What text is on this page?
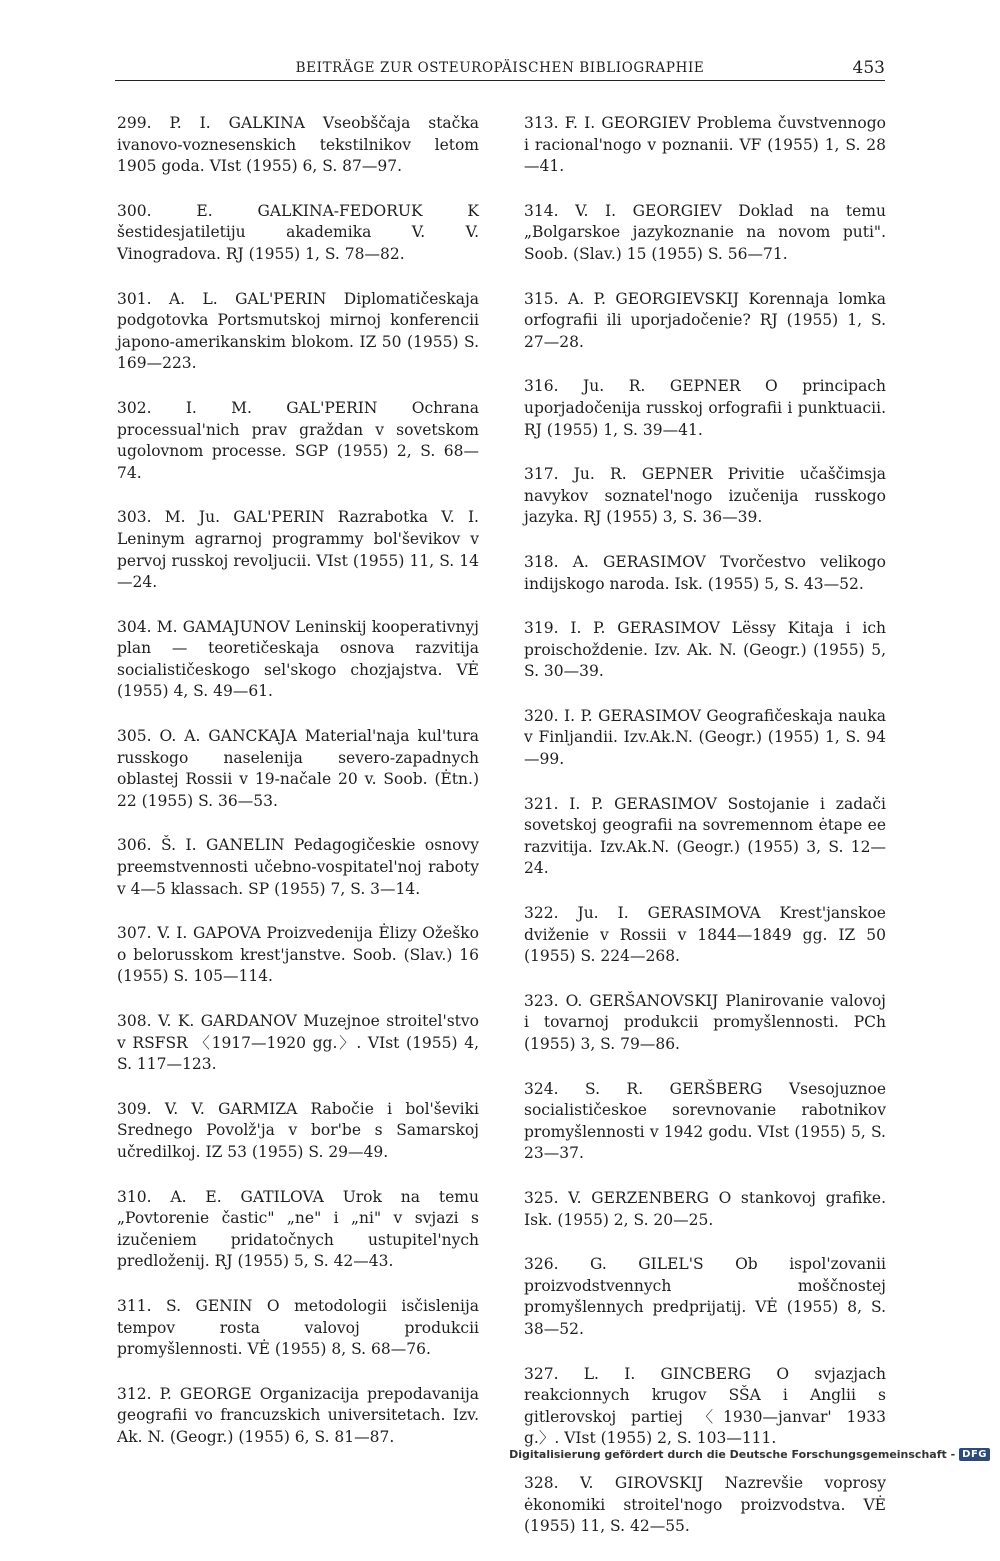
BEITRÄGE ZUR OSTEUROPÄISCHEN BIBLIOGRAPHIE	453

299. P. I. GALKINA Vseobščaja stačka ivanovo-voznesenskich tekstilnikov letom 1905 goda. VIst (1955) 6, S. 87—97.

300.	E. GALKINA-FEDORUK K šestidesjatiletiju akademika V. V. Vinogradova. RJ (1955) 1, S. 78—82.

301. A. L. GAL'PERIN Diplomatičeskaja podgotovka Portsmutskoj mirnoj konferencii japono-amerikanskim blokom. IZ 50 (1955) S. 169—223.

302. I. M. GAL'PERIN Ochrana processual'nich prav graždan v sovetskom ugolovnom processe. SGP (1955) 2, S. 68—74.

303. M. Ju. GAL'PERIN Razrabotka V. I. Leninym agrarnoj programmy bol'ševikov v pervoj russkoj revoljucii. VIst (1955) 11, S. 14—24.

304. M. GAMAJUNOV Leninskij kooperativnyj plan — teoretičeskaja osnova razvitija socialističeskogo sel'skogo chozjajstva. VĖ (1955) 4, S. 49—61.

305. O. A. GANCKAJA Material'naja kul'tura russkogo naselenija severo-zapadnych oblastej Rossii v 19-načale 20 v. Soob. (Ėtn.) 22 (1955) S. 36—53.

306. Š. I. GANELIN Pedagogičeskie osnovy preemstvennosti učebno-vospitatel'noj raboty v 4—5 klassach. SP (1955) 7, S. 3—14.

307. V. I. GAPOVA Proizvedenija Ėlizy Ožeško o belorusskom krest'janstve. Soob. (Slav.) 16 (1955) S. 105—114.

308. V. K. GARDANOV Muzejnoe stroitel'stvo v RSFSR 〈1917—1920 gg.〉. VIst (1955) 4, S. 117—123.

309. V. V. GARMIZA Rabočie i bol'ševiki Srednego Povolž'ja v bor'be s Samarskoj učredilkoj. IZ 53 (1955) S. 29—49.

310. A. E. GATILOVA Urok na temu „Povtorenie častic" „ne" i „ni" v svjazi s izučeniem pridatočnych ustupitel'nych predloženij. RJ (1955) 5, S. 42—43.

311. S. GENIN O metodologii isčislenija tempov rosta valovoj produkcii promyšlennosti. VĖ (1955) 8, S. 68—76.

312. P. GEORGE Organizacija prepodavanija geografii vo francuzskich universitetach. Izv. Ak. N. (Geogr.) (1955) 6, S. 81—87.

313. F. I. GEORGIEV Problema čuvstvennogo i racional'nogo v poznanii. VF (1955) 1, S. 28—41.

314. V. I. GEORGIEV Doklad na temu „Bolgarskoe jazykoznanie na novom puti". Soob. (Slav.) 15 (1955) S. 56—71.

315. A. P. GEORGIEVSKIJ Korennaja lomka orfografii ili uporjadočenie? RJ (1955) 1, S. 27—28.

316. Ju. R. GEPNER O principach uporjadočenija russkoj orfografii i punktuacii. RJ (1955) 1, S. 39—41.

317. Ju. R. GEPNER Privitie učaščimsja navykov soznatel'nogo izučenija russkogo jazyka. RJ (1955) 3, S. 36—39.

318. A. GERASIMOV Tvorčestvo velikogo indijskogo naroda. Isk. (1955) 5, S. 43—52.

319. I. P. GERASIMOV Lëssy Kitaja i ich proischoždenie. Izv. Ak. N. (Geogr.) (1955) 5, S. 30—39.

320. I. P. GERASIMOV Geografičeskaja nauka v Finljandii. Izv.Ak.N. (Geogr.) (1955) 1, S. 94—99.

321. I. P. GERASIMOV Sostojanie i zadači sovetskoj geografii na sovremennom ėtape ee razvitija. Izv.Ak.N. (Geogr.) (1955) 3, S. 12—24.

322. Ju. I. GERASIMOVA Krest'janskoe dviženie v Rossii v 1844—1849 gg. IZ 50 (1955) S. 224—268.

323. O. GERŠANOVSKIJ Planirovanie valovoj i tovarnoj produkcii promyšlennosti. PCh (1955) 3, S. 79—86.

324. S. R. GERŠBERG Vsesojuznoe socialističeskoe sorevnovanie rabotnikov promyšlennosti v 1942 godu. VIst (1955) 5, S. 23—37.

325. V. GERZENBERG O stankovoj grafike. Isk. (1955) 2, S. 20—25.

326. G. GILEL'S Ob ispol'zovanii proizvodstvennych moščnostej promyšlennych predprijatij. VĖ (1955) 8, S. 38—52.

327. L. I. GINCBERG O svjazjach reakcionnych krugov SŠA i Anglii s gitlerovskoj partiej 〈1930—janvar' 1933 g.〉. VIst (1955) 2, S. 103—111.

328. V. GIROVSKIJ Nazrevšie voprosy ėkonomiki stroitel'nogo proizvodstva. VĖ (1955) 11, S. 42—55.

Digitalisierung gefördert durch die Deutsche Forschungsgemeinschaft - DFG
